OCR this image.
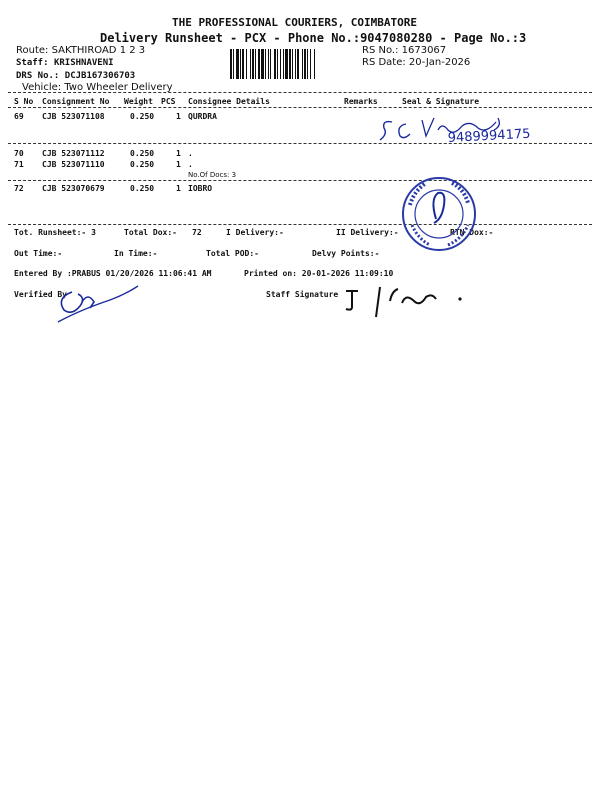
THE PROFESSIONAL COURIERS, COIMBATORE
Delivery Runsheet - PCX - Phone No.:9047080280 - Page No.:3
Route: SAKTHIROAD 1 2 3
Staff: KRISHNAVENI
DRS No.: DCJB167306703
Vehicle: Two Wheeler Delivery
RS No.: 1673067
RS Date: 20-Jan-2026
S No Consignment No Weight PCS Consignee Details	Remarks	Seal & Signature
69 CJB 523071108	0.250	1 QURDRA
70 CJB 523071112	0.250	1 .
71 CJB 523071110	0.250	1 .
No.Of Docs: 3
72 CJB 523070679	0.250	1 IOBRO
Tot. Runsheet:- 3	Total Dox:- 72	I Delivery:-	II Delivery:-	RTN Dox:-
Out Time:-	In Time:-	Total POD:-	Delvy Points:-
Entered By :PRABUS 01/20/2026 11:06:41 AM	Printed on: 20-01-2026 11:09:10
Verified By	Staff Signature
9489994175
